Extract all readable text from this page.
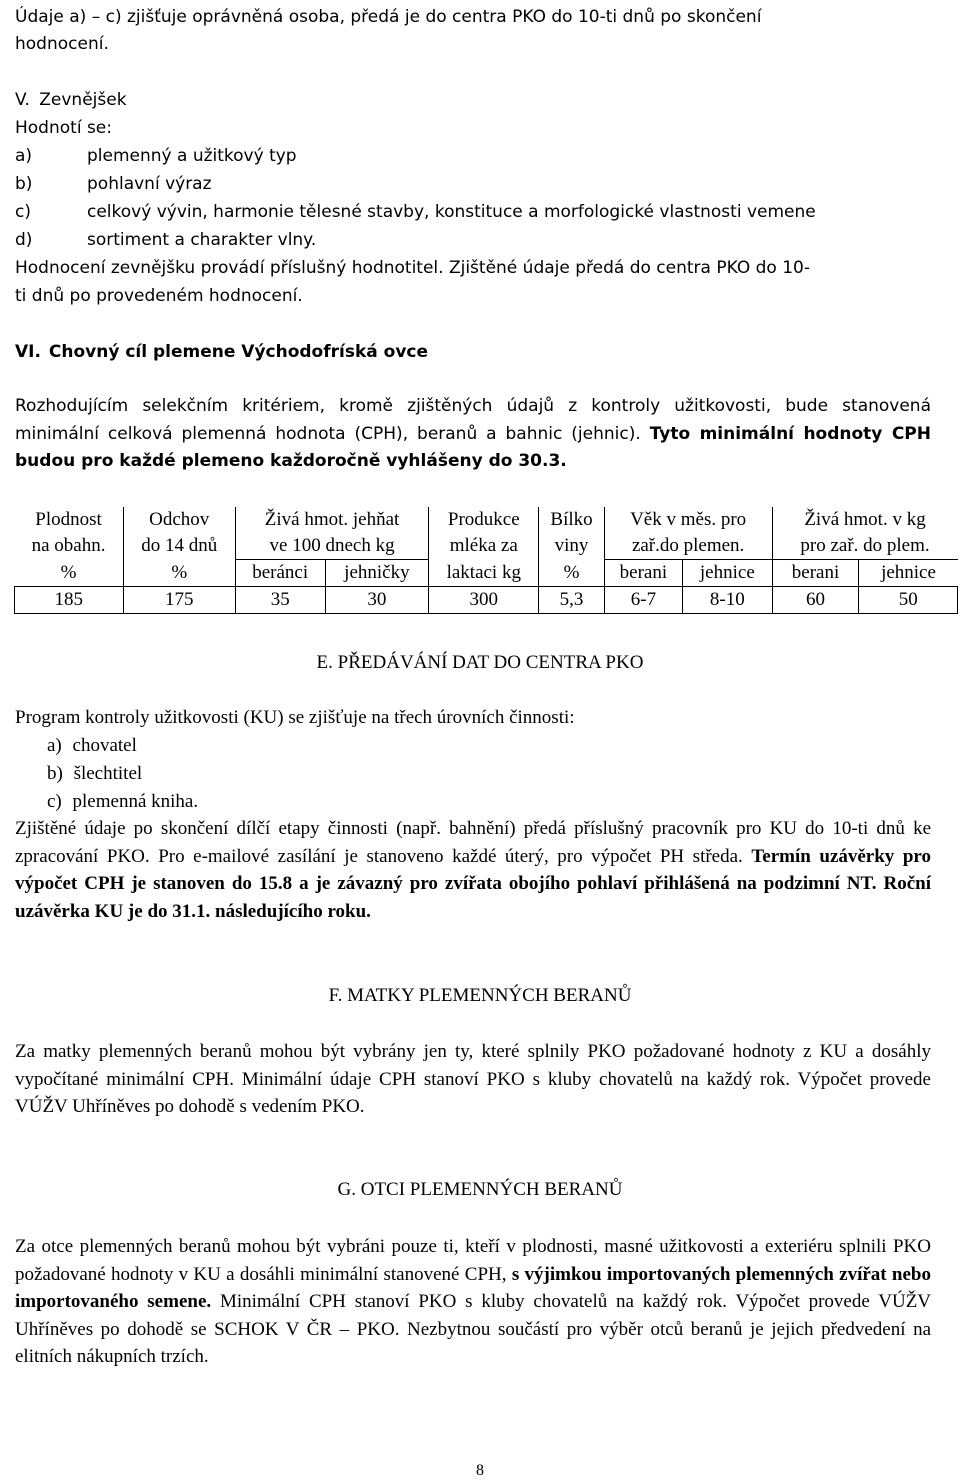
Údaje a) – c) zjišťuje oprávněná osoba, předá je do centra PKO do 10-ti dnů po skončení
hodnocení.
V. Zevnějšek
Hodnotí se:
a)	plemenný a užitkový typ
b)	pohlavní výraz
c)	celkový vývin, harmonie tělesné stavby, konstituce a morfologické vlastnosti vemene
d)	sortiment a charakter vlny.
Hodnocení zevnějšku provádí příslušný hodnotitel. Zjištěné údaje předá do centra PKO do 10-
ti dnů po provedeném hodnocení.
VI. Chovný cíl plemene Východofríská ovce
Rozhodujícím selekčním kritériem, kromě zjištěných údajů z kontroly užitkovosti, bude stanovená minimální celková plemenná hodnota (CPH), beranů a bahnic (jehnic). Tyto minimální hodnoty CPH budou pro každé plemeno každoročně vyhlášeny do 30.3.
Plodnost	Odchov	Živá hmot. jehňat		Produkce	Bílko	Věk v měs. pro		Živá hmot. v kg	
na obahn.	do 14 dnů	ve 100 dnech kg		mléka za	viny	zař.do plemen.		pro zař. do plem.	
%	%	beránci	jehničky	laktaci kg	%	berani	jehnice	berani	jehnice
185	175	35	30	300	5,3	6-7	8-10	60	50
E. PŘEDÁVÁNÍ DAT DO CENTRA PKO
Program kontroly užitkovosti (KU) se zjišťuje na třech úrovních činnosti:
a) chovatel
b) šlechtitel
c) plemenná kniha.
Zjištěné údaje po skončení dílčí etapy činnosti (např. bahnění) předá příslušný pracovník pro KU do 10-ti dnů ke zpracování PKO. Pro e-mailové zasílání je stanoveno každé úterý, pro výpočet PH středa. Termín uzávěrky pro výpočet CPH je stanoven do 15.8 a je závazný pro zvířata obojího pohlaví přihlášená na podzimní NT. Roční uzávěrka KU je do 31.1. následujícího roku.
F. MATKY PLEMENNÝCH BERANŮ
Za matky plemenných beranů mohou být vybrány jen ty, které splnily PKO požadované hodnoty z KU a dosáhly vypočítané minimální CPH. Minimální údaje CPH stanoví PKO s kluby chovatelů na každý rok. Výpočet provede VÚŽV Uhříněves po dohodě s vedením PKO.
G. OTCI PLEMENNÝCH BERANŮ
Za otce plemenných beranů mohou být vybráni pouze ti, kteří v plodnosti, masné užitkovosti a exteriéru splnili PKO požadované hodnoty v KU a dosáhli minimální stanovené CPH, s výjimkou importovaných plemenných zvířat nebo importovaného semene. Minimální CPH stanoví PKO s kluby chovatelů na každý rok. Výpočet provede VÚŽV Uhříněves po dohodě se SCHOK V ČR – PKO. Nezbytnou součástí pro výběr otců beranů je jejich předvedení na elitních nákupních trzích.
8
